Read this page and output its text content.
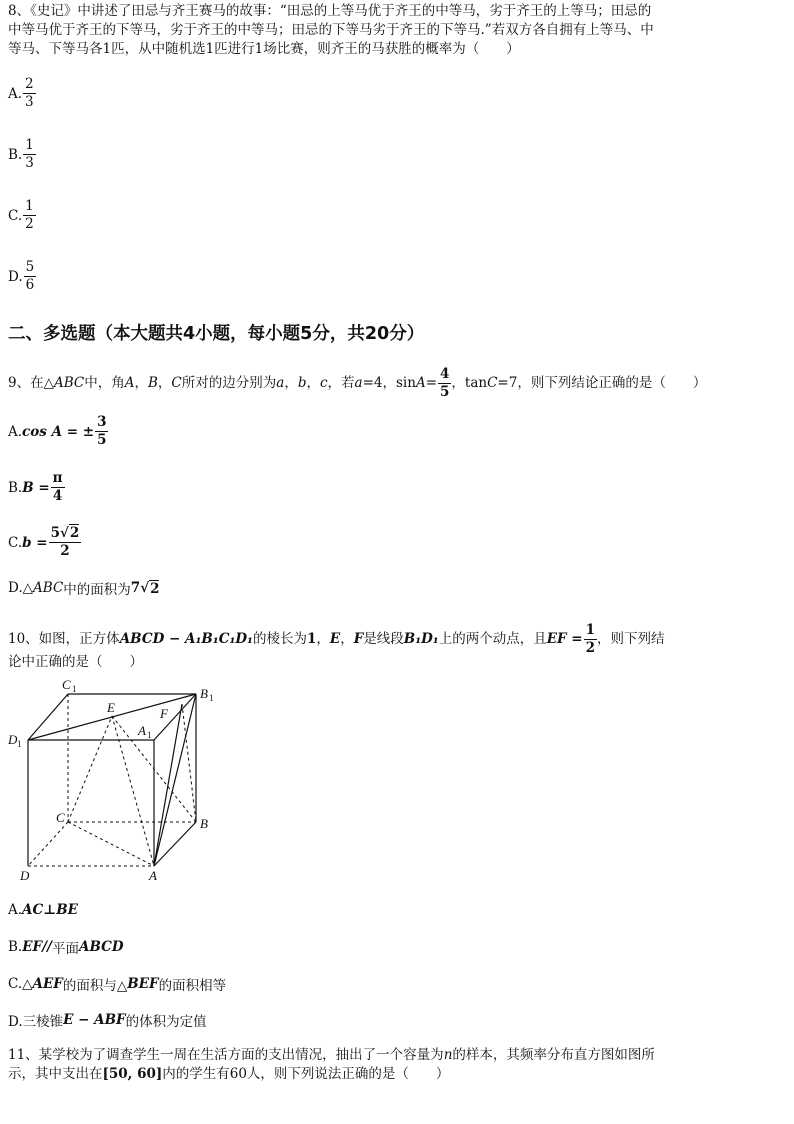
8、《史记》中讲述了田忌与齐王赛马的故事：“田忌的上等马优于齐王的中等马，劣于齐王的上等马；田忌的
中等马优于齐王的下等马，劣于齐王的中等马；田忌的下等马劣于齐王的下等马.”若双方各自拥有上等马、中
等马、下等马各1匹，从中随机选1匹进行1场比赛，则齐王的马获胜的概率为（　　）
A. $\frac{2}{3}$
B. $\frac{1}{3}$
C. $\frac{1}{2}$
D. $\frac{5}{6}$
二、多选题（本大题共4小题，每小题5分，共20分）
9、在△ ABC 中，角 A ， B ， C 所对的边分别为 a ， b ， c ，若 a =4，$\sin A = \frac{4}{5}$ ，tan C =7，则下列结论正确的是（　　）
A. cos A = ± $\frac{3}{5}$
B. $B = \frac{\pi}{4}$
C. $b = \frac{5√2}{2}$
D.△ ABC 中的面积为 7 √ 2
10、如图，正方体 ABCD − A₁B₁C₁D₁ 的棱长为 1 ， E ， F 是线段 B₁D₁ 上的两个动点，且 EF = $\frac{1}{2}$ ，则下列结
论中正确的是（　　）
C 1	B 1
E	F
A 1
D 1
C	B
D	A
A. AC⊥BE
B. EF// 平面 ABCD
C.△ AEF 的面积与△ BEF 的面积相等
D.三棱锥 E − ABF 的体积为定值
11、某学校为了调查学生一周在生活方面的支出情况，抽出了一个容量为n的样本，其频率分布直方图如图所
示，其中支出在[50, 60]内的学生有60人，则下列说法正确的是（　　）
